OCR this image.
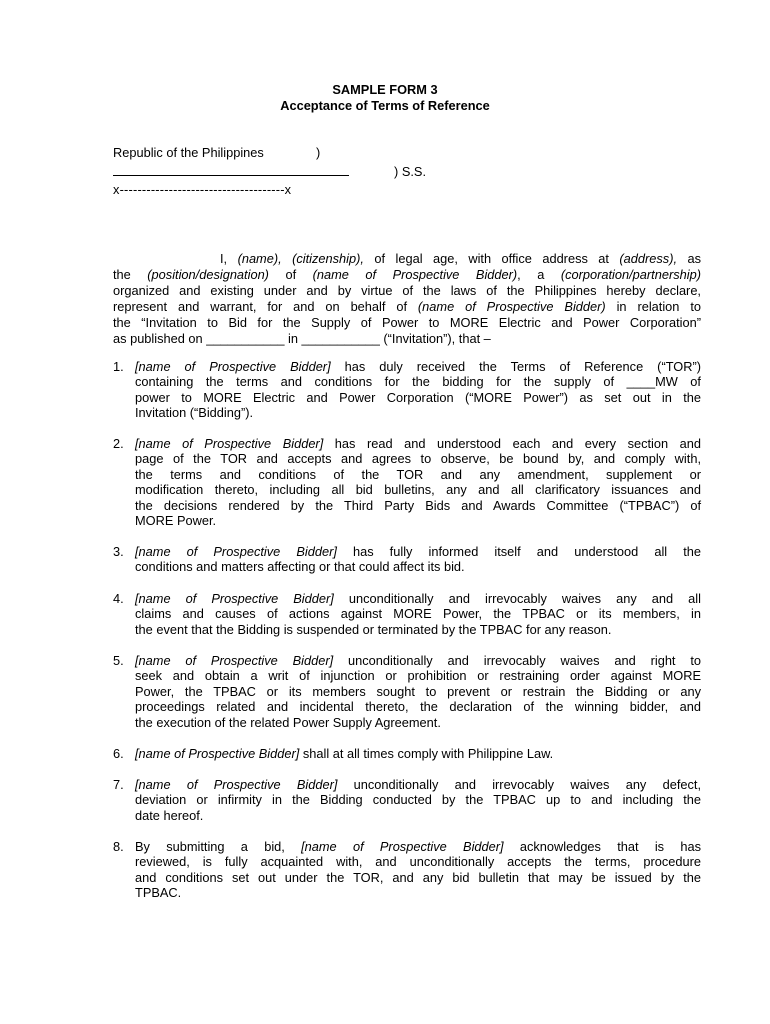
SAMPLE FORM 3
Acceptance of Terms of Reference
Republic of the Philippines	)
) S.S.
x-------------------------------------x
I, (name), (citizenship), of legal age, with office address at (address), as
the (position/designation) of (name of Prospective Bidder), a (corporation/partnership)
organized and existing under and by virtue of the laws of the Philippines hereby declare,
represent and warrant, for and on behalf of (name of Prospective Bidder) in relation to
the “Invitation to Bid for the Supply of Power to MORE Electric and Power Corporation”
as published on ___________ in ___________ (“Invitation”), that –
1. [name of Prospective Bidder] has duly received the Terms of Reference (“TOR”)
containing the terms and conditions for the bidding for the supply of ____MW of
power to MORE Electric and Power Corporation (“MORE Power”) as set out in the
Invitation (“Bidding”).
2. [name of Prospective Bidder] has read and understood each and every section and
page of the TOR and accepts and agrees to observe, be bound by, and comply with,
the terms and conditions of the TOR and any amendment, supplement or
modification thereto, including all bid bulletins, any and all clarificatory issuances and
the decisions rendered by the Third Party Bids and Awards Committee (“TPBAC”) of
MORE Power.
3. [name of Prospective Bidder] has fully informed itself and understood all the
conditions and matters affecting or that could affect its bid.
4. [name of Prospective Bidder] unconditionally and irrevocably waives any and all
claims and causes of actions against MORE Power, the TPBAC or its members, in
the event that the Bidding is suspended or terminated by the TPBAC for any reason.
5. [name of Prospective Bidder] unconditionally and irrevocably waives and right to
seek and obtain a writ of injunction or prohibition or restraining order against MORE
Power, the TPBAC or its members sought to prevent or restrain the Bidding or any
proceedings related and incidental thereto, the declaration of the winning bidder, and
the execution of the related Power Supply Agreement.
6. [name of Prospective Bidder] shall at all times comply with Philippine Law.
7. [name of Prospective Bidder] unconditionally and irrevocably waives any defect,
deviation or infirmity in the Bidding conducted by the TPBAC up to and including the
date hereof.
8. By submitting a bid, [name of Prospective Bidder] acknowledges that is has
reviewed, is fully acquainted with, and unconditionally accepts the terms, procedure
and conditions set out under the TOR, and any bid bulletin that may be issued by the
TPBAC.
